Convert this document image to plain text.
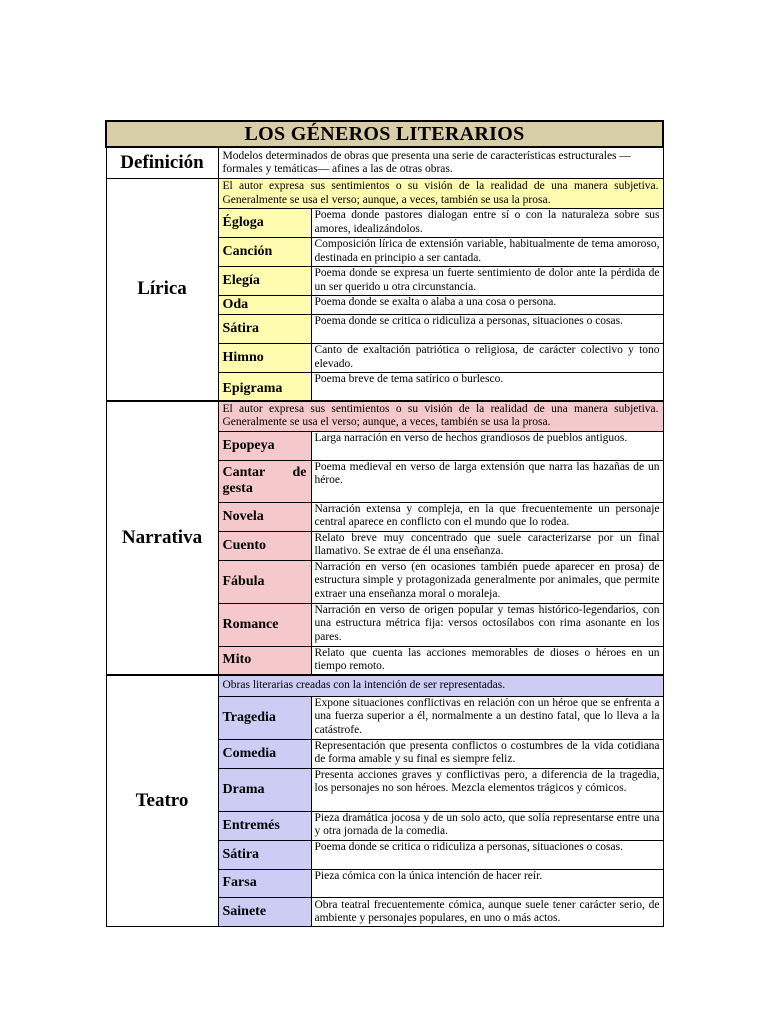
LOS GÉNEROS LITERARIOS		
Definición	Modelos determinados de obras que presenta una serie de características estructurales —formales y temáticas— afines a las de otras obras.	
Lírica	El autor expresa sus sentimientos o su visión de la realidad de una manera subjetiva. Generalmente se usa el verso; aunque, a veces, también se usa la prosa.	
	Égloga	Poema donde pastores dialogan entre sí o con la naturaleza sobre sus amores, idealizándolos.
	Canción	Composición lírica de extensión variable, habitualmente de tema amoroso, destinada en principio a ser cantada.
	Elegía	Poema donde se expresa un fuerte sentimiento de dolor ante la pérdida de un ser querido u otra circunstancia.
	Oda	Poema donde se exalta o alaba a una cosa o persona.
	Sátira	Poema donde se critica o ridiculiza a personas, situaciones o cosas.
	Himno	Canto de exaltación patriótica o religiosa, de carácter colectivo y tono elevado.
	Epigrama	Poema breve de tema satírico o burlesco.
Narrativa	El autor expresa sus sentimientos o su visión de la realidad de una manera subjetiva. Generalmente se usa el verso; aunque, a veces, también se usa la prosa.	
	Epopeya	Larga narración en verso de hechos grandiosos de pueblos antiguos.
	Cantar de gesta	Poema medieval en verso de larga extensión que narra las hazañas de un héroe.
	Novela	Narración extensa y compleja, en la que frecuentemente un personaje central aparece en conflicto con el mundo que lo rodea.
	Cuento	Relato breve muy concentrado que suele caracterizarse por un final llamativo. Se extrae de él una enseñanza.
	Fábula	Narración en verso (en ocasiones también puede aparecer en prosa) de estructura simple y protagonizada generalmente por animales, que permite extraer una enseñanza moral o moraleja.
	Romance	Narración en verso de origen popular y temas histórico-legendarios, con una estructura métrica fija: versos octosílabos con rima asonante en los pares.
	Mito	Relato que cuenta las acciones memorables de dioses o héroes en un tiempo remoto.
Teatro	Obras literarias creadas con la intención de ser representadas.	
	Tragedia	Expone situaciones conflictivas en relación con un héroe que se enfrenta a una fuerza superior a él, normalmente a un destino fatal, que lo lleva a la catástrofe.
	Comedia	Representación que presenta conflictos o costumbres de la vida cotidiana de forma amable y su final es siempre feliz.
	Drama	Presenta acciones graves y conflictivas pero, a diferencia de la tragedia, los personajes no son héroes. Mezcla elementos trágicos y cómicos.
	Entremés	Pieza dramática jocosa y de un solo acto, que solía representarse entre una y otra jornada de la comedia.
	Sátira	Poema donde se critica o ridiculiza a personas, situaciones o cosas.
	Farsa	Pieza cómica con la única intención de hacer reír.
	Sainete	Obra teatral frecuentemente cómica, aunque suele tener carácter serio, de ambiente y personajes populares, en uno o más actos.
